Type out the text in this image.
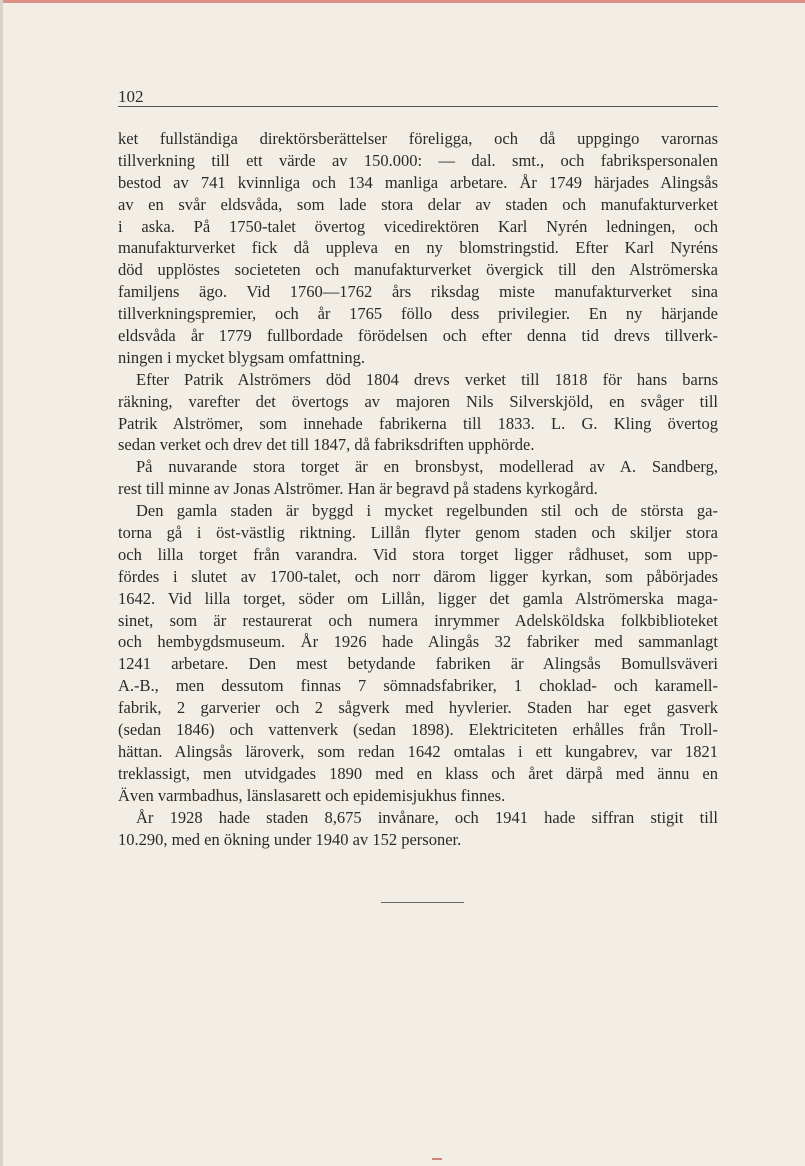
102
ket fullständiga direktörsberättelser föreligga, och då uppgingo varornas
tillverkning till ett värde av 150.000: — dal. smt., och fabrikspersonalen
bestod av 741 kvinnliga och 134 manliga arbetare. År 1749 härjades Alingsås
av en svår eldsvåda, som lade stora delar av staden och manufakturverket
i aska. På 1750-talet övertog vicedirektören Karl Nyrén ledningen, och
manufakturverket fick då uppleva en ny blomstringstid. Efter Karl Nyréns
död upplöstes societeten och manufakturverket övergick till den Alströmerska
familjens ägo. Vid 1760—1762 års riksdag miste manufakturverket sina
tillverkningspremier, och år 1765 föllo dess privilegier. En ny härjande
eldsvåda år 1779 fullbordade förödelsen och efter denna tid drevs tillverk-
ningen i mycket blygsam omfattning.
Efter Patrik Alströmers död 1804 drevs verket till 1818 för hans barns
räkning, varefter det övertogs av majoren Nils Silverskjöld, en svåger till
Patrik Alströmer, som innehade fabrikerna till 1833. L. G. Kling övertog
sedan verket och drev det till 1847, då fabriksdriften upphörde.
På nuvarande stora torget är en bronsbyst, modellerad av A. Sandberg,
rest till minne av Jonas Alströmer. Han är begravd på stadens kyrkogård.
Den gamla staden är byggd i mycket regelbunden stil och de största ga-
torna gå i öst-västlig riktning. Lillån flyter genom staden och skiljer stora
och lilla torget från varandra. Vid stora torget ligger rådhuset, som upp-
fördes i slutet av 1700-talet, och norr därom ligger kyrkan, som påbörjades
1642. Vid lilla torget, söder om Lillån, ligger det gamla Alströmerska maga-
sinet, som är restaurerat och numera inrymmer Adelsköldska folkbiblioteket
och hembygdsmuseum. År 1926 hade Alingås 32 fabriker med sammanlagt
1241 arbetare. Den mest betydande fabriken är Alingsås Bomullsväveri
A.-B., men dessutom finnas 7 sömnadsfabriker, 1 choklad- och karamell-
fabrik, 2 garverier och 2 sågverk med hyvlerier. Staden har eget gasverk
(sedan 1846) och vattenverk (sedan 1898). Elektriciteten erhålles från Troll-
hättan. Alingsås läroverk, som redan 1642 omtalas i ett kungabrev, var 1821
treklassigt, men utvidgades 1890 med en klass och året därpå med ännu en
Även varmbadhus, länslasarett och epidemisjukhus finnes.
År 1928 hade staden 8,675 invånare, och 1941 hade siffran stigit till
10.290, med en ökning under 1940 av 152 personer.
